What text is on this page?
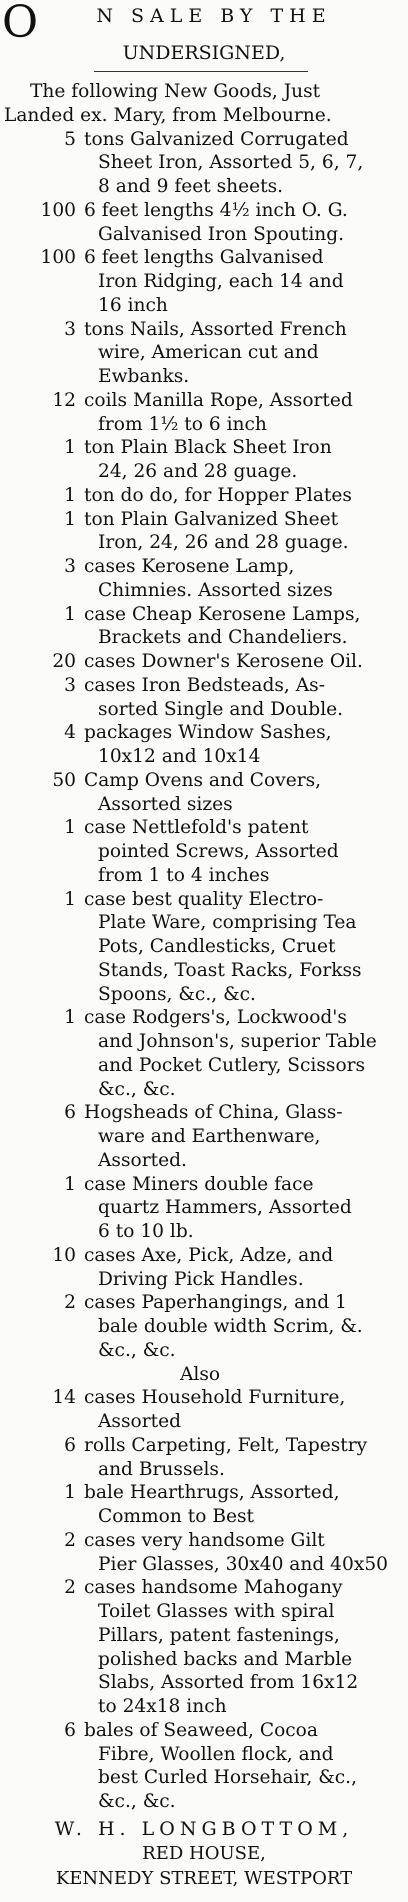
O	N SALE BY THE
UNDERSIGNED,
The following New Goods, Just
Landed ex. Mary, from Melbourne.
5 tons Galvanized Corrugated
Sheet Iron, Assorted 5, 6, 7,
8 and 9 feet sheets.
100 6 feet lengths 4½ inch O. G.
Galvanised Iron Spouting.
100 6 feet lengths Galvanised
Iron Ridging, each 14 and
16 inch
3 tons Nails, Assorted French
wire, American cut and
Ewbanks.
12 coils Manilla Rope, Assorted
from 1½ to 6 inch
1 ton Plain Black Sheet Iron
24, 26 and 28 guage.
1 ton do do, for Hopper Plates
1 ton Plain Galvanized Sheet
Iron, 24, 26 and 28 guage.
3 cases Kerosene Lamp,
Chimnies. Assorted sizes
1 case Cheap Kerosene Lamps,
Brackets and Chandeliers.
20 cases Downer's Kerosene Oil.
3 cases Iron Bedsteads, As-
sorted Single and Double.
4 packages Window Sashes,
10x12 and 10x14
50 Camp Ovens and Covers,
Assorted sizes
1 case Nettlefold's patent
pointed Screws, Assorted
from 1 to 4 inches
1 case best quality Electro-
Plate Ware, comprising Tea
Pots, Candlesticks, Cruet
Stands, Toast Racks, Forkss
Spoons, &c., &c.
1 case Rodgers's, Lockwood's
and Johnson's, superior Table
and Pocket Cutlery, Scissors
&c., &c.
6 Hogsheads of China, Glass-
ware and Earthenware,
Assorted.
1 case Miners double face
quartz Hammers, Assorted
6 to 10 lb.
10 cases Axe, Pick, Adze, and
Driving Pick Handles.
2 cases Paperhangings, and 1
bale double width Scrim, &.
&c., &c.
Also
14 cases Household Furniture,
Assorted
6 rolls Carpeting, Felt, Tapestry
and Brussels.
1 bale Hearthrugs, Assorted,
Common to Best
2 cases very handsome Gilt
Pier Glasses, 30x40 and 40x50
2 cases handsome Mahogany
Toilet Glasses with spiral
Pillars, patent fastenings,
polished backs and Marble
Slabs, Assorted from 16x12
to 24x18 inch
6 bales of Seaweed, Cocoa
Fibre, Woollen flock, and
best Curled Horsehair, &c.,
&c., &c.
W. H. LONGBOTTOM,
RED HOUSE,
KENNEDY STREET, WESTPORT
